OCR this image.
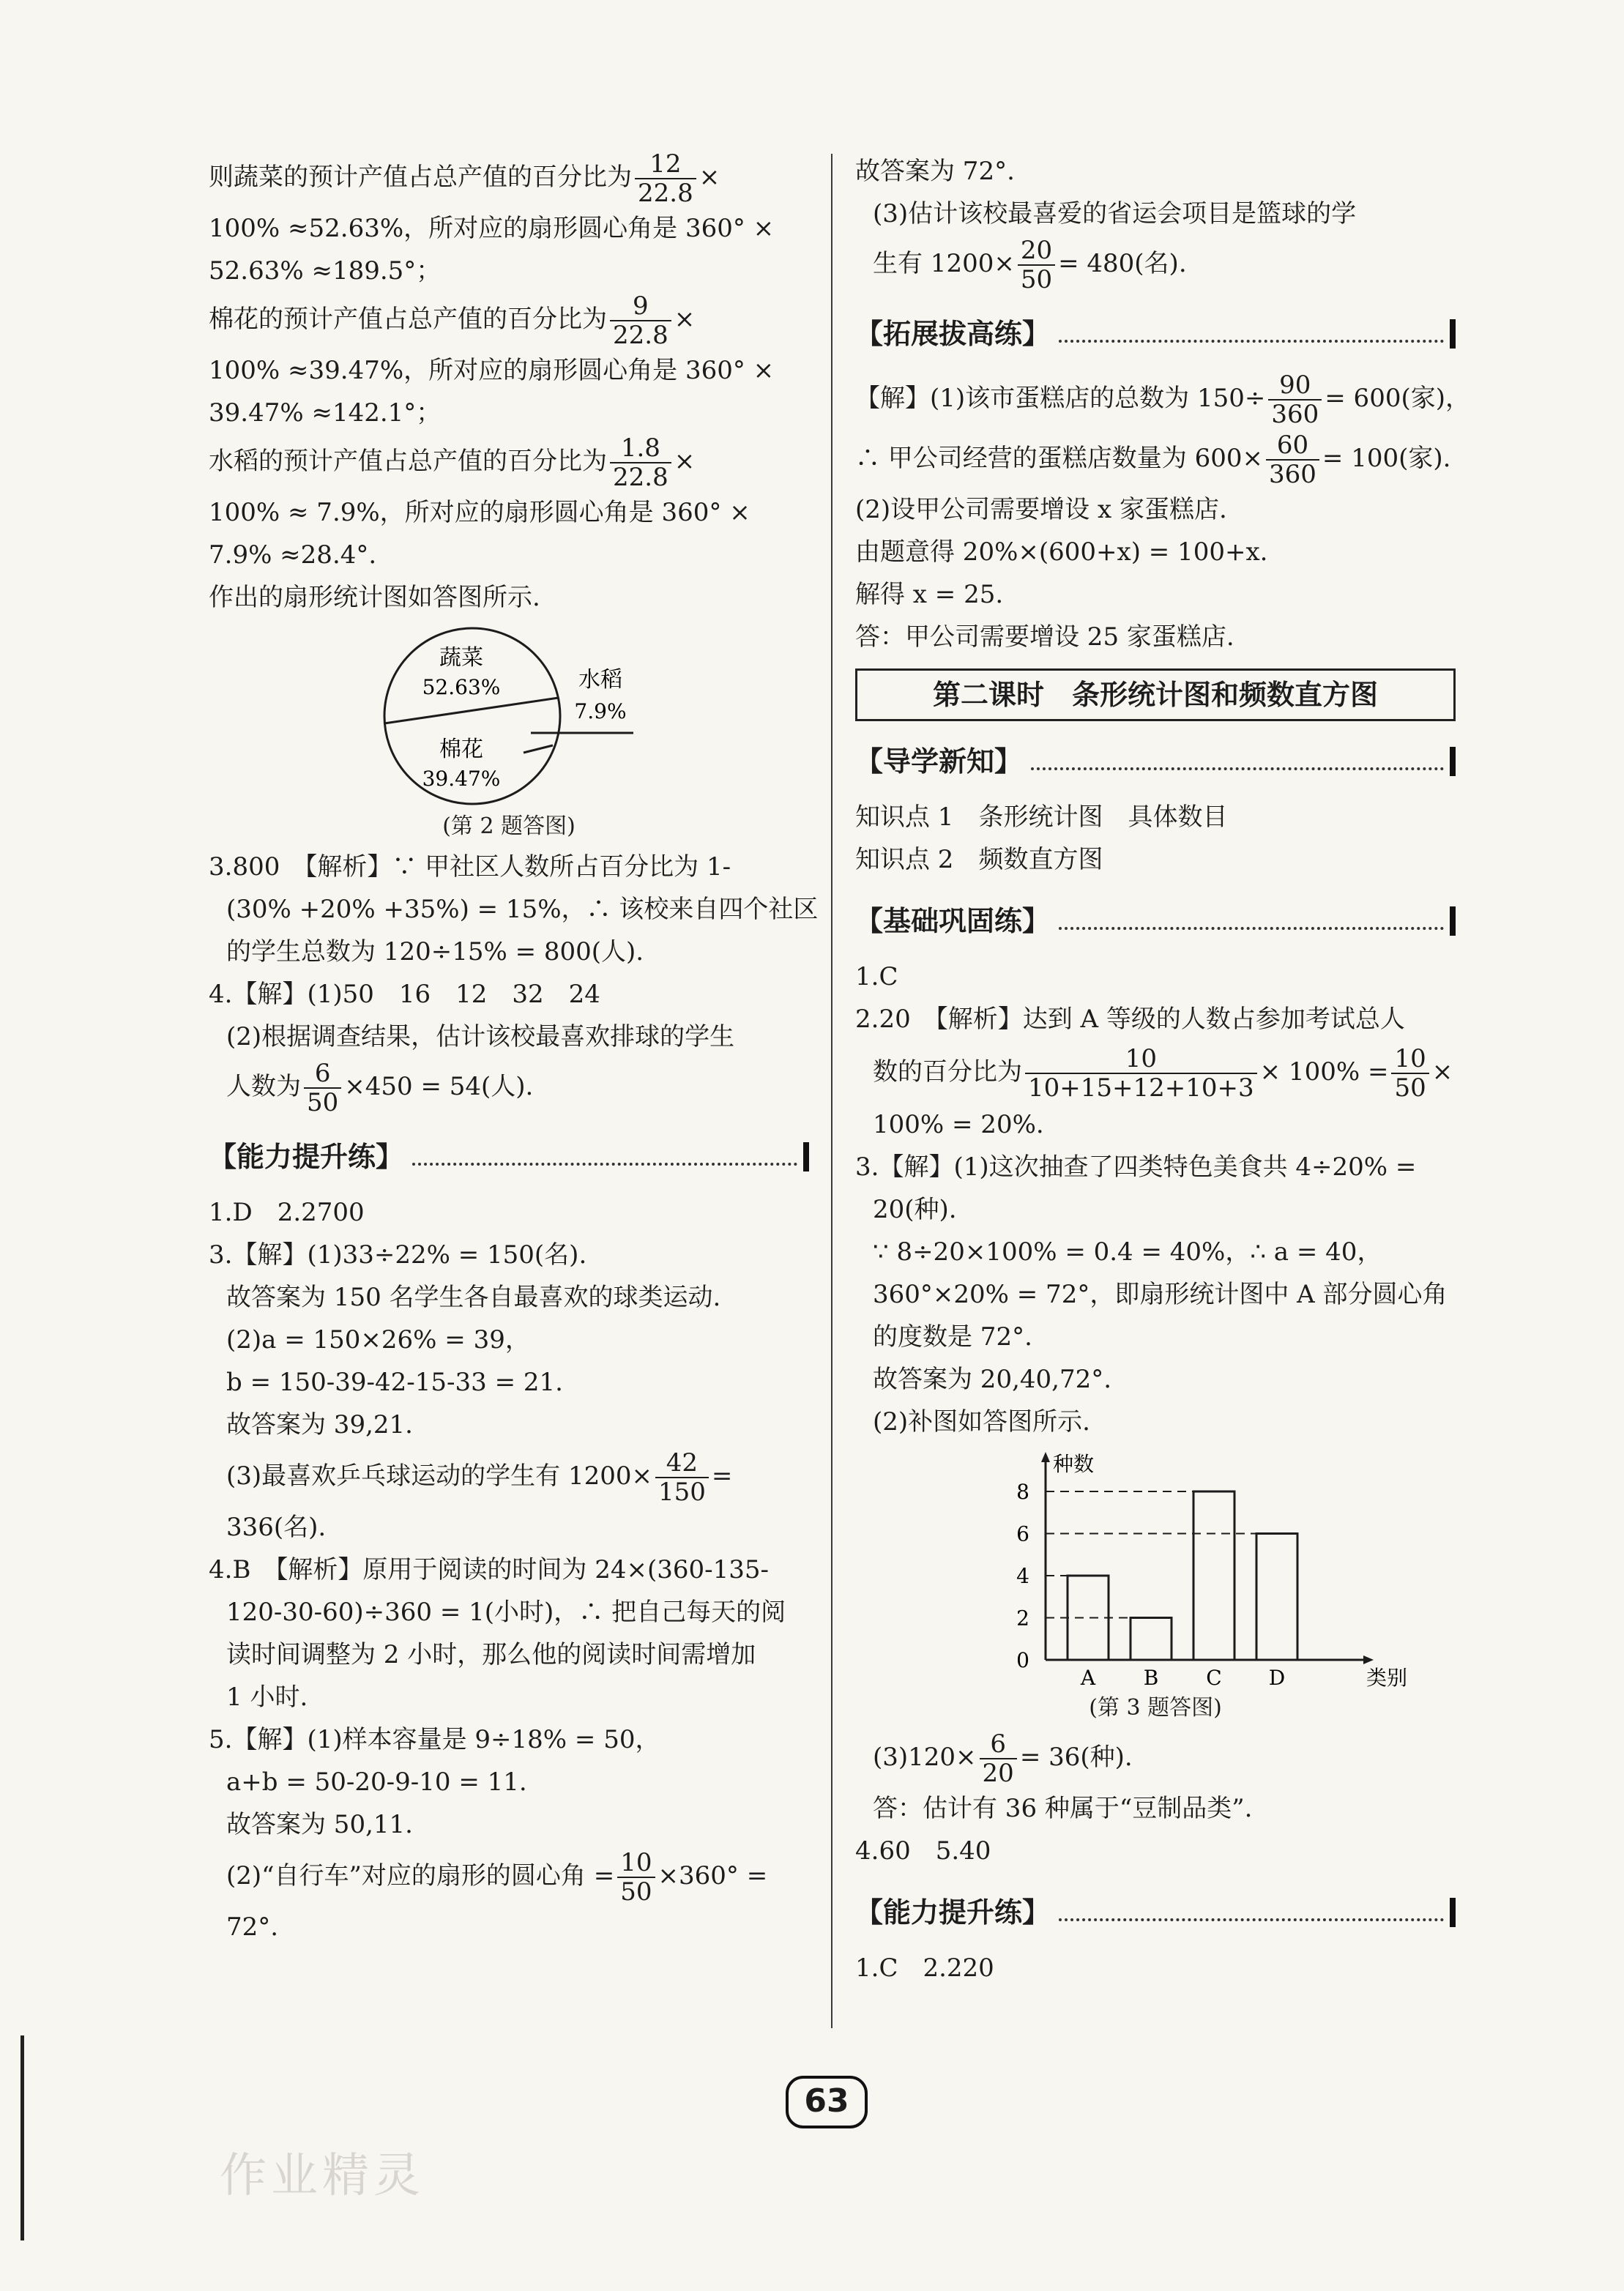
则蔬菜的预计产值占总产值的百分比为 $\frac{12}{22.8}$ ×

100% ≈52.63%，所对应的扇形圆心角是 360° ×

52.63% ≈189.5°；

棉花的预计产值占总产值的百分比为 $\frac{9}{22.8}$ ×

100% ≈39.47%，所对应的扇形圆心角是 360° ×

39.47% ≈142.1°；

水稻的预计产值占总产值的百分比为 $\frac{1.8}{22.8}$ ×

100% ≈ 7.9%，所对应的扇形圆心角是 360° ×

7.9% ≈28.4°.

作出的扇形统计图如答图所示.

蔬菜
52.63%
棉花
39.47%
水稻
7.9%

(第 2 题答图)

3.800　【解析】∵ 甲社区人数所占百分比为 1-

(30% +20% +35%) = 15%，∴ 该校来自四个社区

的学生总数为 120÷15% = 800(人).

4.【解】(1)50　16　12　32　24

(2)根据调查结果，估计该校最喜欢排球的学生

人数为 $\frac{6}{50} \times 450 = 54$(人).

【能力提升练】

1.D　2.2700

3.【解】(1)33÷22% = 150(名).

故答案为 150 名学生各自最喜欢的球类运动.

(2)a = 150×26% = 39，

b = 150-39-42-15-33 = 21.

故答案为 39,21.

(3)最喜欢乒乓球运动的学生有 $1200\times \frac{42}{150}$ =

336(名).

4.B　【解析】原用于阅读的时间为 24×(360-135-

120-30-60)÷360 = 1(小时)，∴ 把自己每天的阅

读时间调整为 2 小时，那么他的阅读时间需增加

1 小时.

5.【解】(1)样本容量是 9÷18% = 50，

a+b = 50-20-9-10 = 11.

故答案为 50,11.

(2)“自行车”对应的扇形的圆心角 = $\frac{10}{50} \times 360^\circ$ =

72°.

故答案为 72°.

(3)估计该校最喜爱的省运会项目是篮球的学

生有 $1200\times \frac{20}{50} = 480$(名).

【拓展拔高练】

【解】(1)该市蛋糕店的总数为 $150\div \frac{90}{360} = 600$(家)，

∴ 甲公司经营的蛋糕店数量为 $600\times \frac{60}{360} = 100$(家).

(2)设甲公司需要增设 x 家蛋糕店.

由题意得 20%×(600+x) = 100+x.

解得 x = 25.

答：甲公司需要增设 25 家蛋糕店.

第二课时　条形统计图和频数直方图
【导学新知】

知识点 1　条形统计图　具体数目

知识点 2　频数直方图

【基础巩固练】

1.C

2.20　【解析】达到 A 等级的人数占参加考试总人

数的百分比为 $\frac{10}{10+15+12+10+3} \times 100\% = \frac{10}{50}$ ×

100% = 20%.

3.【解】(1)这次抽查了四类特色美食共 4÷20% =

20(种).

∵ 8÷20×100% = 0.4 = 40%，∴ a = 40，

360°×20% = 72°，即扇形统计图中 A 部分圆心角

的度数是 72°.

故答案为 20,40,72°.

(2)补图如答图所示.

种数
类别
0
2
4
6
8
A B C D

(第 3 题答图)

$(3)120\times \frac{6}{20} = 36$(种).

答：估计有 36 种属于“豆制品类”.

4.60　5.40

【能力提升练】

1.C　2.220

63
作业精灵
